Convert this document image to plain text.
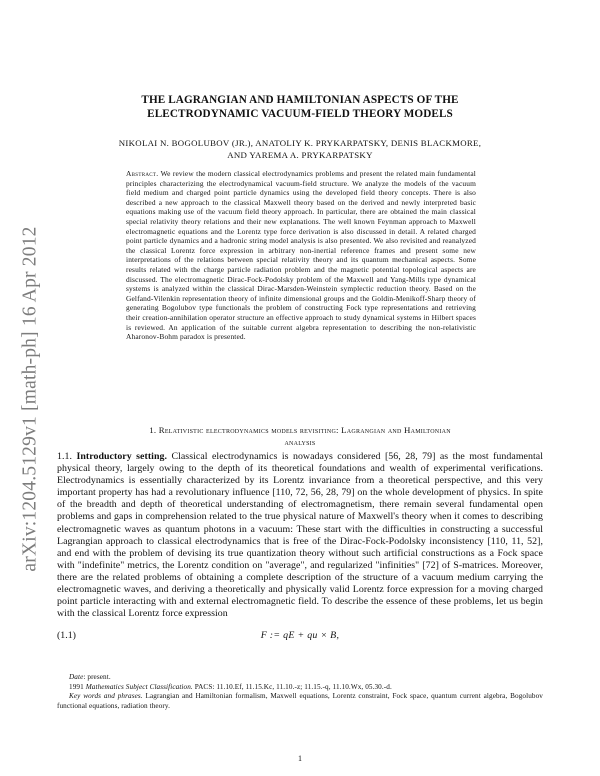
arXiv:1204.5129v1 [math-ph] 16 Apr 2012
THE LAGRANGIAN AND HAMILTONIAN ASPECTS OF THE
ELECTRODYNAMIC VACUUM-FIELD THEORY MODELS
NIKOLAI N. BOGOLUBOV (JR.), ANATOLIY K. PRYKARPATSKY, DENIS BLACKMORE,
AND YAREMA A. PRYKARPATSKY
Abstract. We review the modern classical electrodynamics problems and present the related main fundamental principles characterizing the electrodynamical vacuum-field structure. We analyze the models of the vacuum field medium and charged point particle dynamics using the developed field theory concepts. There is also described a new approach to the classical Maxwell theory based on the derived and newly interpreted basic equations making use of the vacuum field theory approach. In particular, there are obtained the main classical special relativity theory relations and their new explanations. The well known Feynman approach to Maxwell electromagnetic equations and the Lorentz type force derivation is also discussed in detail. A related charged point particle dynamics and a hadronic string model analysis is also presented. We also revisited and reanalyzed the classical Lorentz force expression in arbitrary non-inertial reference frames and present some new interpretations of the relations between special relativity theory and its quantum mechanical aspects. Some results related with the charge particle radiation problem and the magnetic potential topological aspects are discussed. The electromagnetic Dirac-Fock-Podolsky problem of the Maxwell and Yang-Mills type dynamical systems is analyzed within the classical Dirac-Marsden-Weinstein symplectic reduction theory. Based on the Gelfand-Vilenkin representation theory of infinite dimensional groups and the Goldin-Menikoff-Sharp theory of generating Bogolubov type functionals the problem of constructing Fock type representations and retrieving their creation-annihilation operator structure an effective approach to study dynamical systems in Hilbert spaces is reviewed. An application of the suitable current algebra representation to describing the non-relativistic Aharonov-Bohm paradox is presented.
1. Relativistic electrodynamics models revisiting: Lagrangian and Hamiltonian
analysis
1.1. Introductory setting. Classical electrodynamics is nowadays considered [56, 28, 79] as the most fundamental physical theory, largely owing to the depth of its theoretical foundations and wealth of experimental verifications. Electrodynamics is essentially characterized by its Lorentz invariance from a theoretical perspective, and this very important property has had a revolutionary influence [110, 72, 56, 28, 79] on the whole development of physics. In spite of the breadth and depth of theoretical understanding of electromagnetism, there remain several fundamental open problems and gaps in comprehension related to the true physical nature of Maxwell's theory when it comes to describing electromagnetic waves as quantum photons in a vacuum: These start with the difficulties in constructing a successful Lagrangian approach to classical electrodynamics that is free of the Dirac-Fock-Podolsky inconsistency [110, 11, 52], and end with the problem of devising its true quantization theory without such artificial constructions as a Fock space with "indefinite" metrics, the Lorentz condition on "average", and regularized "infinities" [72] of S-matrices. Moreover, there are the related problems of obtaining a complete description of the structure of a vacuum medium carrying the electromagnetic waves, and deriving a theoretically and physically valid Lorentz force expression for a moving charged point particle interacting with and external electromagnetic field. To describe the essence of these problems, let us begin with the classical Lorentz force expression
(1.1)	F := qE + qu × B,
Date: present.
1991 Mathematics Subject Classification. PACS: 11.10.Ef, 11.15.Kc, 11.10.-z; 11.15.-q, 11.10.Wx, 05.30.-d.
Key words and phrases. Lagrangian and Hamiltonian formalism, Maxwell equations, Lorentz constraint, Fock space, quantum current algebra, Bogolubov functional equations, radiation theory.
1
